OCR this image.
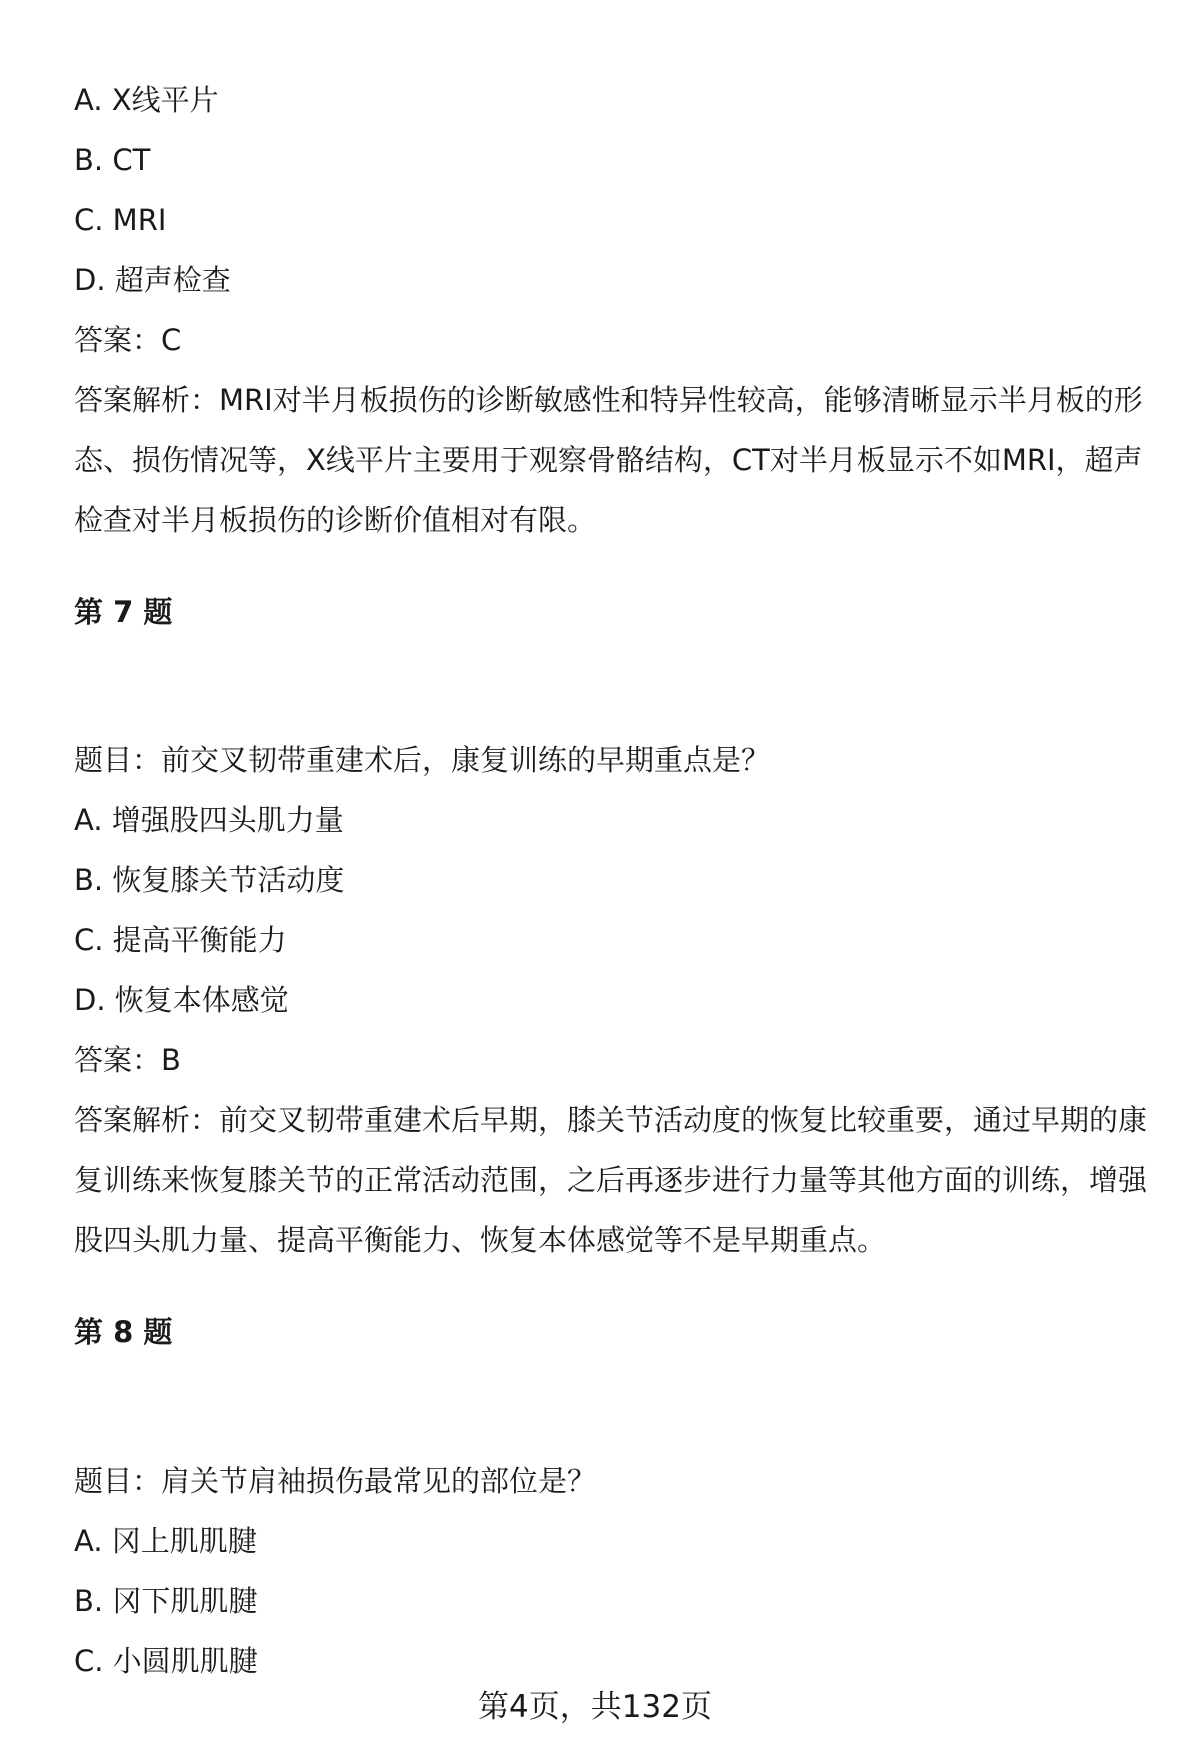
A. X线平片
B. CT
C. MRI
D. 超声检查
答案：C
答案解析：MRI对半月板损伤的诊断敏感性和特异性较高，能够清晰显示半月板的形态、损伤情况等，X线平片主要用于观察骨骼结构，CT对半月板显示不如MRI，超声检查对半月板损伤的诊断价值相对有限。
第 7 题
题目：前交叉韧带重建术后，康复训练的早期重点是？
A. 增强股四头肌力量
B. 恢复膝关节活动度
C. 提高平衡能力
D. 恢复本体感觉
答案：B
答案解析：前交叉韧带重建术后早期，膝关节活动度的恢复比较重要，通过早期的康复训练来恢复膝关节的正常活动范围，之后再逐步进行力量等其他方面的训练，增强股四头肌力量、提高平衡能力、恢复本体感觉等不是早期重点。
第 8 题
题目：肩关节肩袖损伤最常见的部位是？
A. 冈上肌肌腱
B. 冈下肌肌腱
C. 小圆肌肌腱
第4页，共132页
